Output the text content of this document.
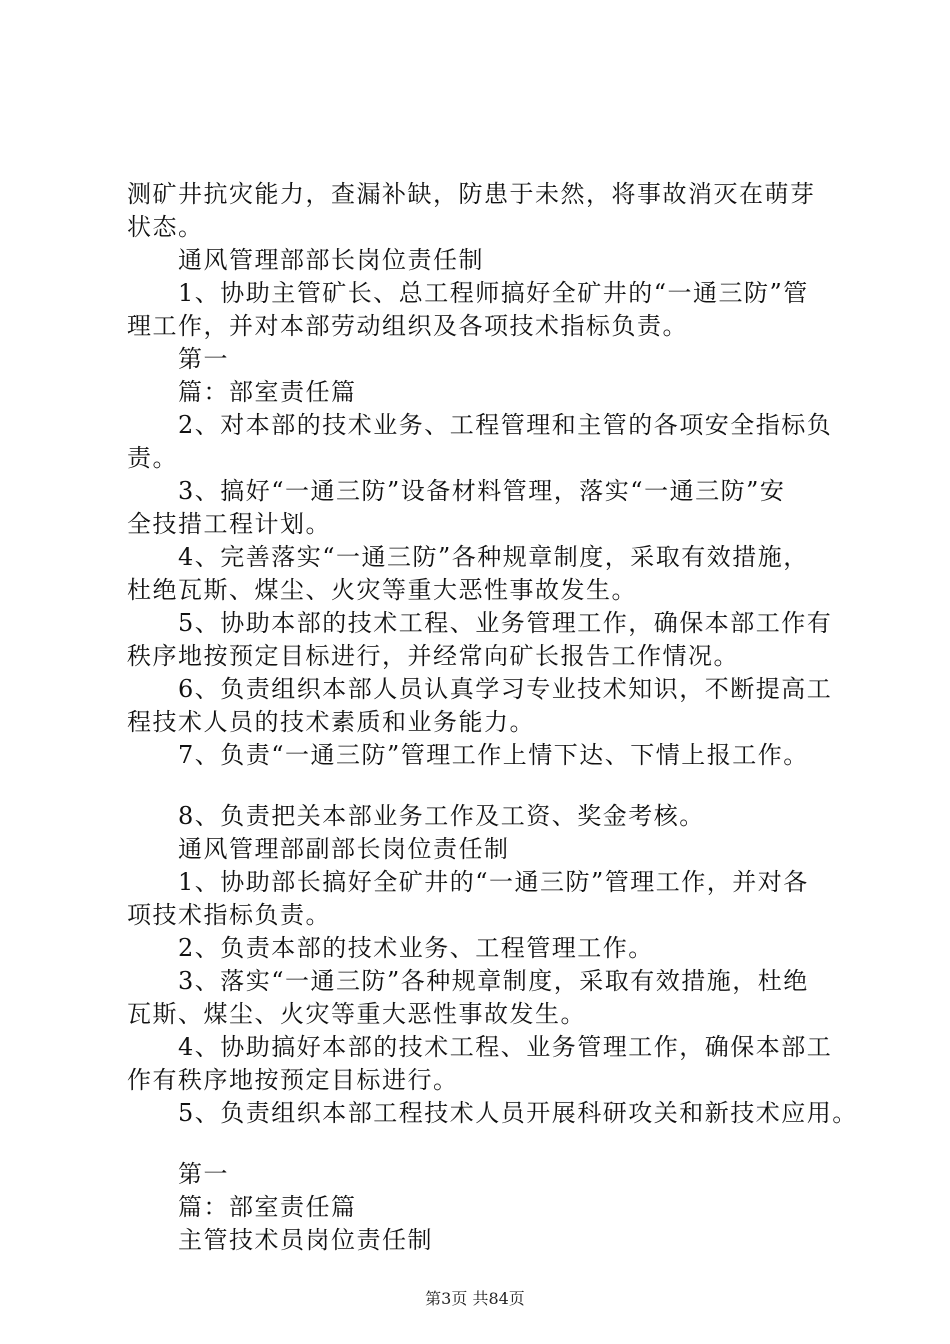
测矿井抗灾能力，查漏补缺，防患于未然，将事故消灭在萌芽
状态。
通风管理部部长岗位责任制
1、协助主管矿长、总工程师搞好全矿井的“一通三防”管
理工作，并对本部劳动组织及各项技术指标负责。
第一
篇：部室责任篇
2、对本部的技术业务、工程管理和主管的各项安全指标负
责。
3、搞好“一通三防”设备材料管理，落实“一通三防”安
全技措工程计划。
4、完善落实“一通三防”各种规章制度，采取有效措施，
杜绝瓦斯、煤尘、火灾等重大恶性事故发生。
5、协助本部的技术工程、业务管理工作，确保本部工作有
秩序地按预定目标进行，并经常向矿长报告工作情况。
6、负责组织本部人员认真学习专业技术知识，不断提高工
程技术人员的技术素质和业务能力。
7、负责“一通三防”管理工作上情下达、下情上报工作。
8、负责把关本部业务工作及工资、奖金考核。
通风管理部副部长岗位责任制
1、协助部长搞好全矿井的“一通三防”管理工作，并对各
项技术指标负责。
2、负责本部的技术业务、工程管理工作。
3、落实“一通三防”各种规章制度，采取有效措施，杜绝
瓦斯、煤尘、火灾等重大恶性事故发生。
4、协助搞好本部的技术工程、业务管理工作，确保本部工
作有秩序地按预定目标进行。
5、负责组织本部工程技术人员开展科研攻关和新技术应用。
第一
篇：部室责任篇
主管技术员岗位责任制
第3页 共84页
